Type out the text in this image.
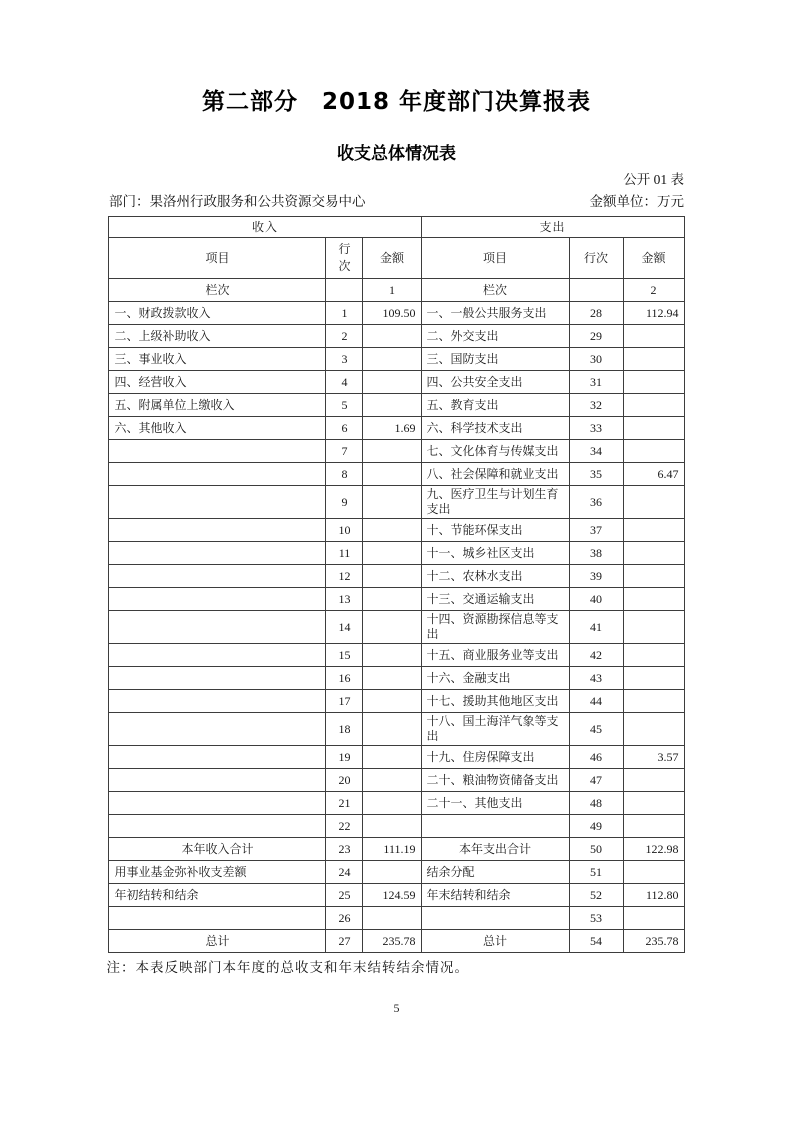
第二部分　2018 年度部门决算报表
收支总体情况表
公开 01 表
部门：果洛州行政服务和公共资源交易中心	金额单位：万元
收入			支出		
项目	行次	金额	项目	行次	金额
栏次		1	栏次		2
一、财政拨款收入	1	109.50	一、一般公共服务支出	28	112.94
二、上级补助收入	2		二、外交支出	29	
三、事业收入	3		三、国防支出	30	
四、经营收入	4		四、公共安全支出	31	
五、附属单位上缴收入	5		五、教育支出	32	
六、其他收入	6	1.69	六、科学技术支出	33	
	7		七、文化体育与传媒支出	34	
	8		八、社会保障和就业支出	35	6.47
	9		九、医疗卫生与计划生育支出	36	
	10		十、节能环保支出	37	
	11		十一、城乡社区支出	38	
	12		十二、农林水支出	39	
	13		十三、交通运输支出	40	
	14		十四、资源勘探信息等支出	41	
	15		十五、商业服务业等支出	42	
	16		十六、金融支出	43	
	17		十七、援助其他地区支出	44	
	18		十八、国土海洋气象等支出	45	
	19		十九、住房保障支出	46	3.57
	20		二十、粮油物资储备支出	47	
	21		二十一、其他支出	48	
	22			49	
本年收入合计	23	111.19	本年支出合计	50	122.98
用事业基金弥补收支差额	24		结余分配	51	
年初结转和结余	25	124.59	年末结转和结余	52	112.80
	26			53	
总计	27	235.78	总计	54	235.78
注：本表反映部门本年度的总收支和年末结转结余情况。
5
